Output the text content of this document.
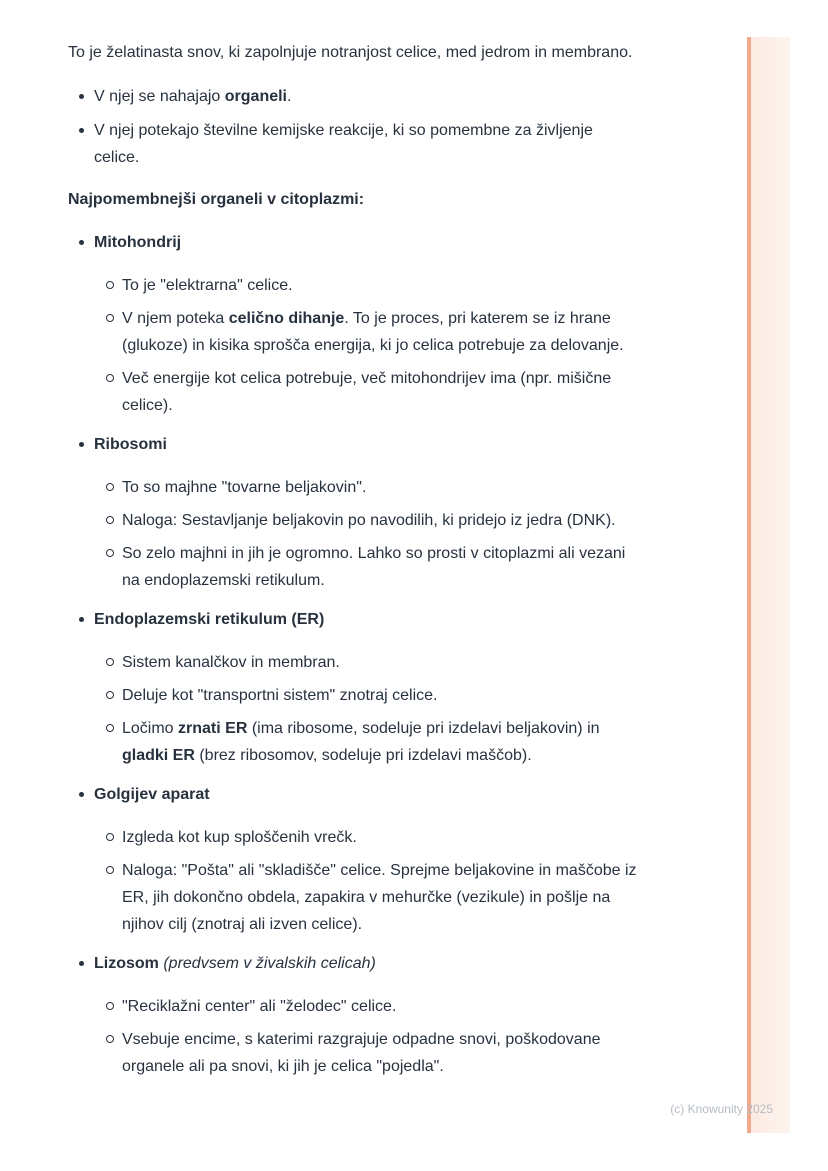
To je želatinasta snov, ki zapolnjuje notranjost celice, med jedrom in membrano.

V njej se nahajajo organeli.
V njej potekajo številne kemijske reakcije, ki so pomembne za življenje celice.
Najpomembnejši organeli v citoplazmi:
Mitohondrij
To je "elektrarna" celice.
V njem poteka celično dihanje. To je proces, pri katerem se iz hrane (glukoze) in kisika sprošča energija, ki jo celica potrebuje za delovanje.
Več energije kot celica potrebuje, več mitohondrijev ima (npr. mišične celice).
Ribosomi
To so majhne "tovarne beljakovin".
Naloga: Sestavljanje beljakovin po navodilih, ki pridejo iz jedra (DNK).
So zelo majhni in jih je ogromno. Lahko so prosti v citoplazmi ali vezani na endoplazemski retikulum.
Endoplazemski retikulum (ER)
Sistem kanalčkov in membran.
Deluje kot "transportni sistem" znotraj celice.
Ločimo zrnati ER (ima ribosome, sodeluje pri izdelavi beljakovin) in gladki ER (brez ribosomov, sodeluje pri izdelavi maščob).
Golgijev aparat
Izgleda kot kup sploščenih vrečk.
Naloga: "Pošta" ali "skladišče" celice. Sprejme beljakovine in maščobe iz ER, jih dokončno obdela, zapakira v mehurčke (vezikule) in pošlje na njihov cilj (znotraj ali izven celice).
Lizosom (predvsem v živalskih celicah)
"Reciklažni center" ali "želodec" celice.
Vsebuje encime, s katerimi razgrajuje odpadne snovi, poškodovane organele ali pa snovi, ki jih je celica "pojedla".
(c) Knowunity 2025
